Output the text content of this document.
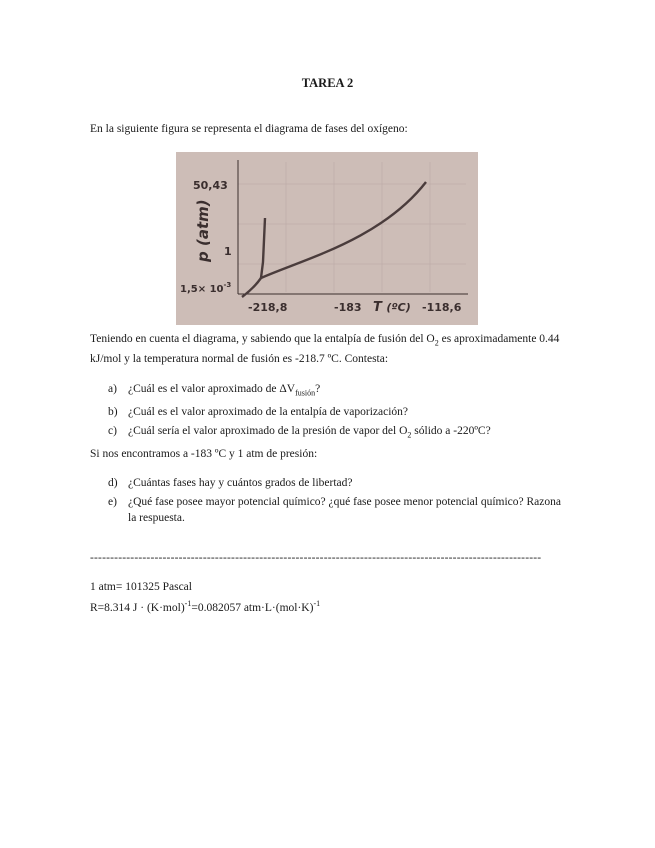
TAREA 2

En la siguiente figura se representa el diagrama de fases del oxígeno:

50,43
1
$1,5\times 10^{-3}$
p (atm)
-218,8	-183	-118,6
T (ºC)

Teniendo en cuenta el diagrama, y sabiendo que la entalpía de fusión del $O_2$ es aproximadamente 0.44 kJ/mol y la temperatura normal de fusión es -218.7 ºC. Contesta:

a) ¿Cuál es el valor aproximado de $\Delta V_{fusión}$?
b) ¿Cuál es el valor aproximado de la entalpía de vaporización?
c) ¿Cuál sería el valor aproximado de la presión de vapor del $O_2$ sólido a -220ºC?

Si nos encontramos a -183 ºC y 1 atm de presión:

d) ¿Cuántas fases hay y cuántos grados de libertad?
e) ¿Qué fase posee mayor potencial químico? ¿qué fase posee menor potencial químico? Razona la respuesta.
----------------------------------------------------------------------------------------------------------------
1 atm= 101325 Pascal
R=8.314 $J \cdot (K\cdot mol)^{-1}=0.082057$ $atm\cdot L\cdot(mol\cdot K)^{-1}$
